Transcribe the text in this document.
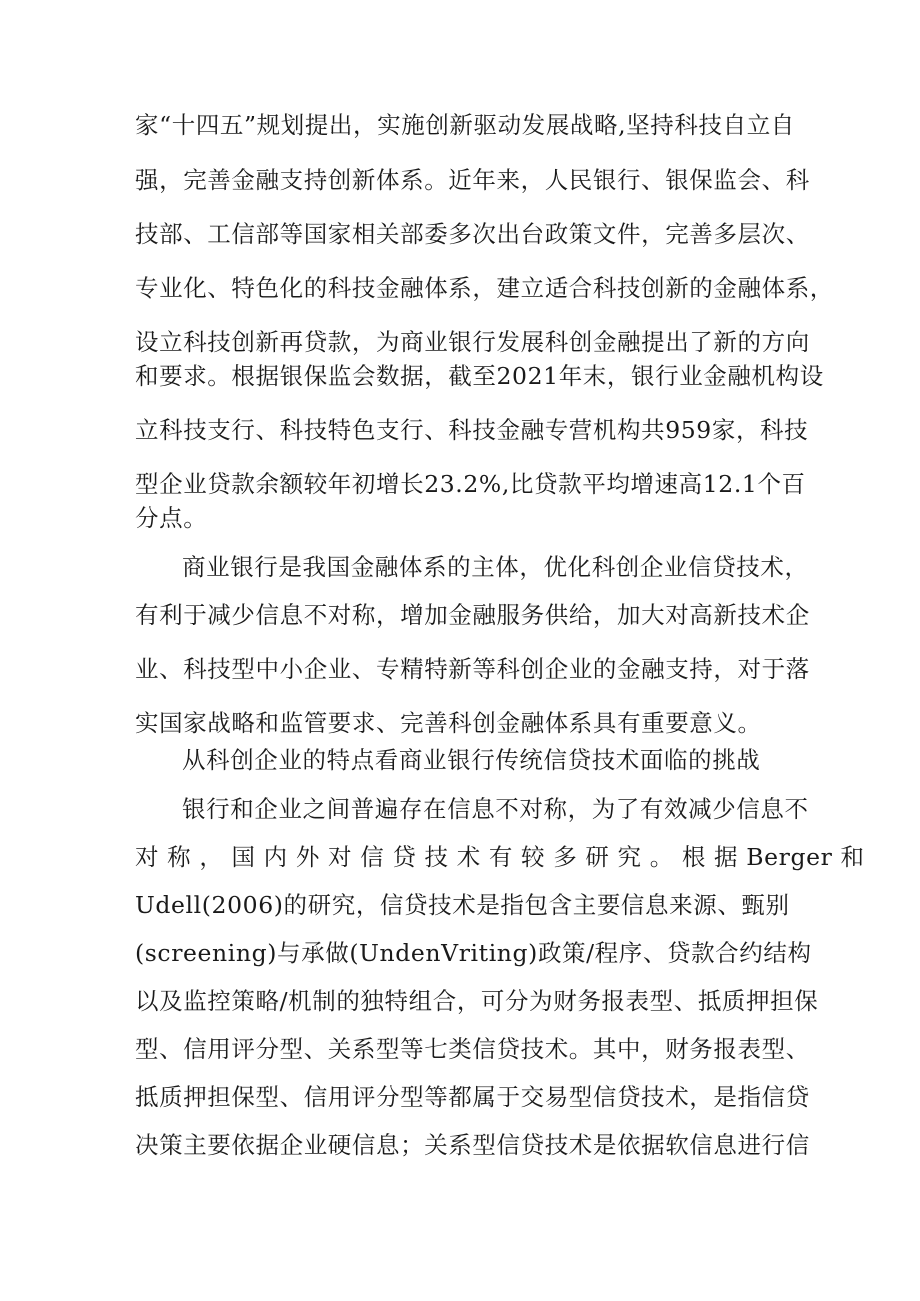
家“十四五”规划提出，实施创新驱动发展战略,坚持科技自立自
强，完善金融支持创新体系。近年来，人民银行、银保监会、科
技部、工信部等国家相关部委多次出台政策文件，完善多层次、
专业化、特色化的科技金融体系，建立适合科技创新的金融体系，
设立科技创新再贷款，为商业银行发展科创金融提出了新的方向
和要求。根据银保监会数据，截至2021年末，银行业金融机构设
立科技支行、科技特色支行、科技金融专营机构共959家，科技
型企业贷款余额较年初增长23.2%,比贷款平均增速高12.1个百
分点。
商业银行是我国金融体系的主体，优化科创企业信贷技术，
有利于减少信息不对称，增加金融服务供给，加大对高新技术企
业、科技型中小企业、专精特新等科创企业的金融支持，对于落
实国家战略和监管要求、完善科创金融体系具有重要意义。
从科创企业的特点看商业银行传统信贷技术面临的挑战
银行和企业之间普遍存在信息不对称，为了有效减少信息不
对 称 ， 国 内 外 对 信 贷 技 术 有 较 多 研 究 。 根 据 Berger 和
Udell(2006)的研究，信贷技术是指包含主要信息来源、甄别
(screening)与承做(UndenVriting)政策/程序、贷款合约结构
以及监控策略/机制的独特组合，可分为财务报表型、抵质押担保
型、信用评分型、关系型等七类信贷技术。其中，财务报表型、
抵质押担保型、信用评分型等都属于交易型信贷技术，是指信贷
决策主要依据企业硬信息；关系型信贷技术是依据软信息进行信
